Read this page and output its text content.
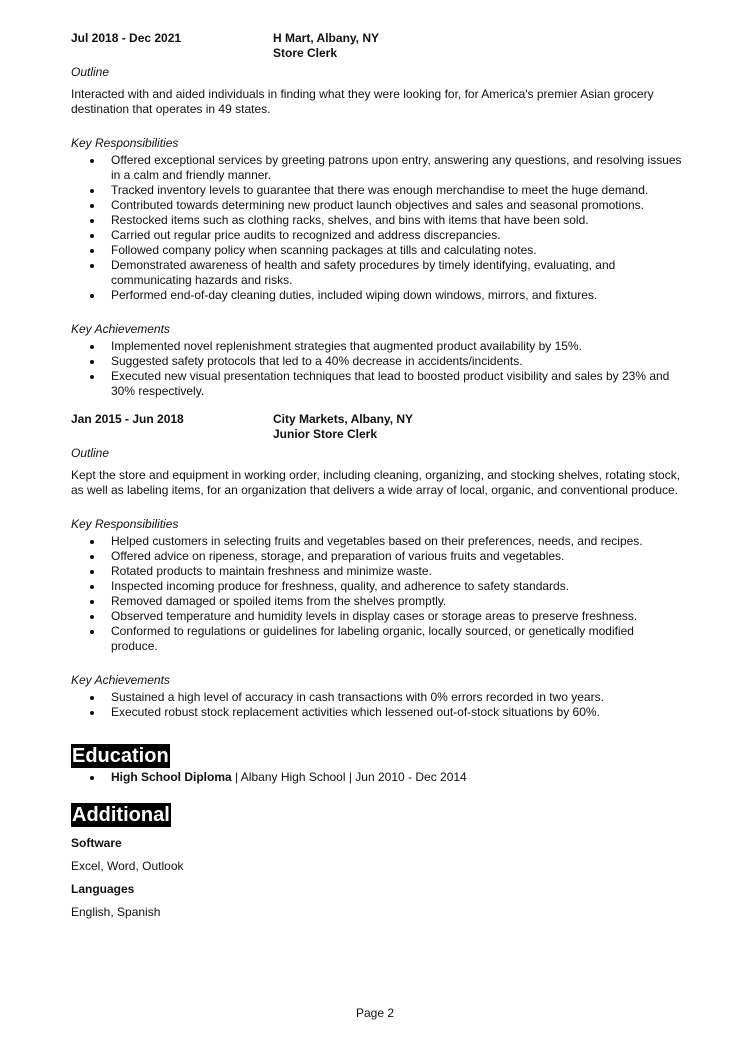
Jul 2018 - Dec 2021	H Mart, Albany, NY
Store Clerk
Outline
Interacted with and aided individuals in finding what they were looking for, for America's premier Asian grocery destination that operates in 49 states.
Key Responsibilities
Offered exceptional services by greeting patrons upon entry, answering any questions, and resolving issues in a calm and friendly manner.
Tracked inventory levels to guarantee that there was enough merchandise to meet the huge demand.
Contributed towards determining new product launch objectives and sales and seasonal promotions.
Restocked items such as clothing racks, shelves, and bins with items that have been sold.
Carried out regular price audits to recognized and address discrepancies.
Followed company policy when scanning packages at tills and calculating notes.
Demonstrated awareness of health and safety procedures by timely identifying, evaluating, and communicating hazards and risks.
Performed end-of-day cleaning duties, included wiping down windows, mirrors, and fixtures.
Key Achievements
Implemented novel replenishment strategies that augmented product availability by 15%.
Suggested safety protocols that led to a 40% decrease in accidents/incidents.
Executed new visual presentation techniques that lead to boosted product visibility and sales by 23% and 30% respectively.
Jan 2015 - Jun 2018	City Markets, Albany, NY
Junior Store Clerk
Outline
Kept the store and equipment in working order, including cleaning, organizing, and stocking shelves, rotating stock, as well as labeling items, for an organization that delivers a wide array of local, organic, and conventional produce.
Key Responsibilities
Helped customers in selecting fruits and vegetables based on their preferences, needs, and recipes.
Offered advice on ripeness, storage, and preparation of various fruits and vegetables.
Rotated products to maintain freshness and minimize waste.
Inspected incoming produce for freshness, quality, and adherence to safety standards.
Removed damaged or spoiled items from the shelves promptly.
Observed temperature and humidity levels in display cases or storage areas to preserve freshness.
Conformed to regulations or guidelines for labeling organic, locally sourced, or genetically modified produce.
Key Achievements
Sustained a high level of accuracy in cash transactions with 0% errors recorded in two years.
Executed robust stock replacement activities which lessened out-of-stock situations by 60%.
Education
High School Diploma | Albany High School | Jun 2010 - Dec 2014
Additional
Software
Excel, Word, Outlook
Languages
English, Spanish
Page 2
